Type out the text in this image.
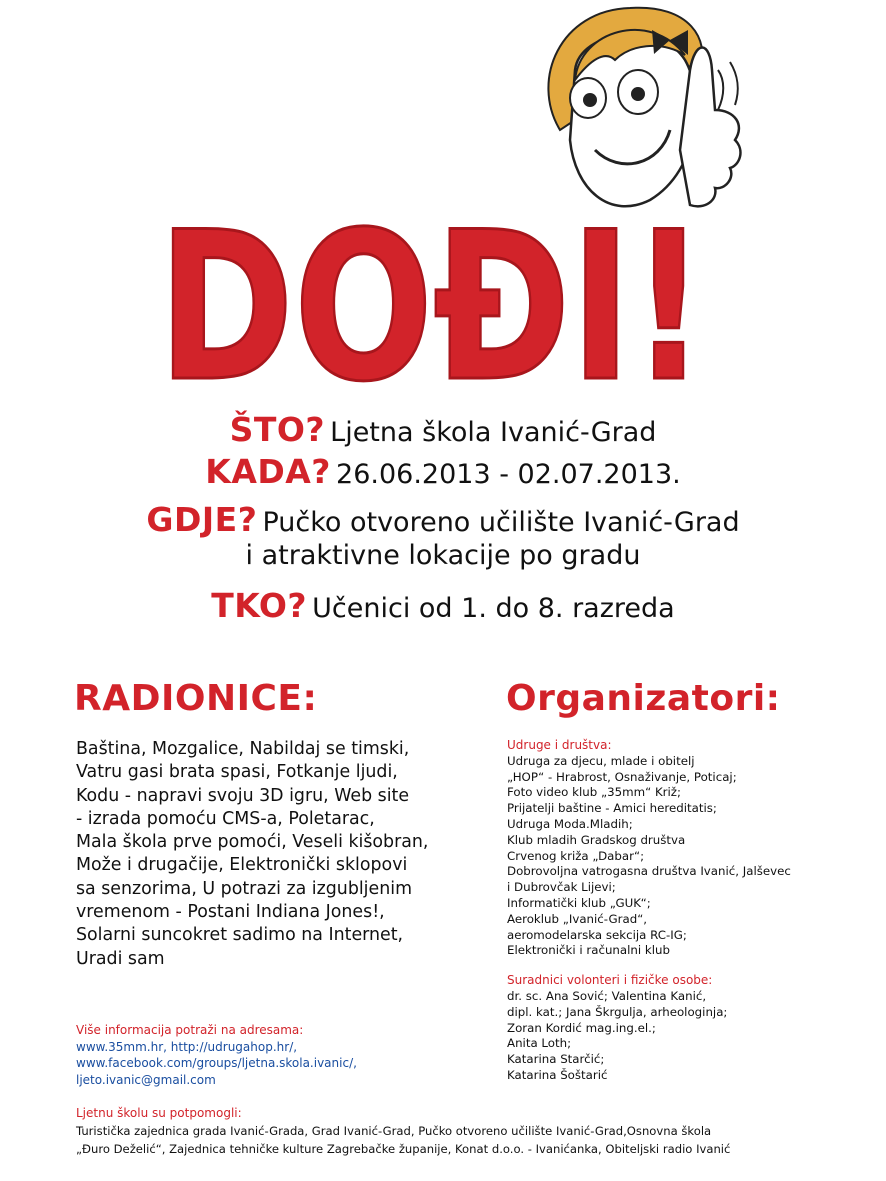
DOĐI!
ŠTO? Ljetna škola Ivanić-Grad
KADA? 26.06.2013 - 02.07.2013.
GDJE? Pučko otvoreno učilište Ivanić-Grad
i atraktivne lokacije po gradu
TKO? Učenici od 1. do 8. razreda
RADIONICE:	Organizatori:
Baština, Mozgalice, Nabildaj se timski,
Vatru gasi brata spasi, Fotkanje ljudi,
Kodu - napravi svoju 3D igru, Web site
- izrada pomoću CMS-a, Poletarac,
Mala škola prve pomoći, Veseli kišobran,
Može i drugačije, Elektronički sklopovi
sa senzorima, U potrazi za izgubljenim
vremenom - Postani Indiana Jones!,
Solarni suncokret sadimo na Internet,
Uradi sam
Udruge i društva:
Udruga za djecu, mlade i obitelj
„HOP“ - Hrabrost, Osnaživanje, Poticaj;
Foto video klub „35mm“ Križ;
Prijatelji baštine - Amici hereditatis;
Udruga Moda.Mladih;
Klub mladih Gradskog društva
Crvenog križa „Dabar“;
Dobrovoljna vatrogasna društva Ivanić, Jalševec
i Dubrovčak Lijevi;
Informatički klub „GUK“;
Aeroklub „Ivanić-Grad“,
aeromodelarska sekcija RC-IG;
Elektronički i računalni klub
Suradnici volonteri i fizičke osobe:
dr. sc. Ana Sović; Valentina Kanić,
dipl. kat.; Jana Škrgulja, arheologinja;
Zoran Kordić mag.ing.el.;
Anita Loth;
Katarina Starčić;
Katarina Šoštarić
Više informacija potraži na adresama:
www.35mm.hr, http://udrugahop.hr/,
www.facebook.com/groups/ljetna.skola.ivanic/,
ljeto.ivanic@gmail.com
Ljetnu školu su potpomogli:
Turistička zajednica grada Ivanić-Grada, Grad Ivanić-Grad, Pučko otvoreno učilište Ivanić-Grad,Osnovna škola
„Đuro Deželić“, Zajednica tehničke kulture Zagrebačke županije, Konat d.o.o. - Ivanićanka, Obiteljski radio Ivanić
